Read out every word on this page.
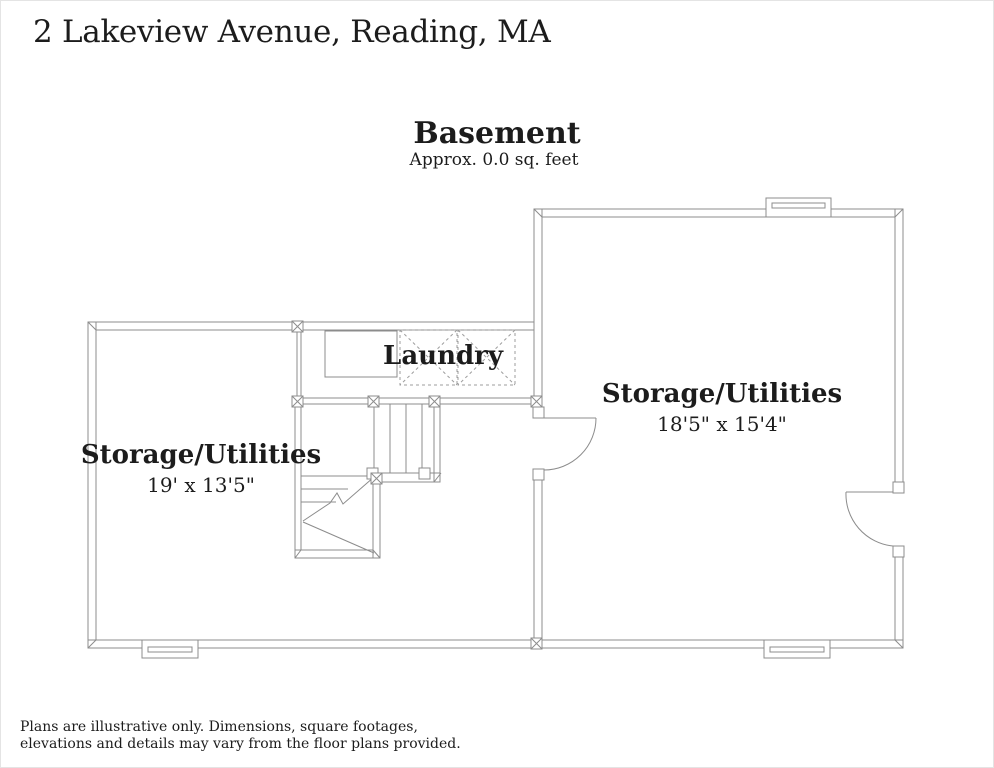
2 Lakeview Avenue, Reading, MA
Basement
Approx. 0.0 sq. feet
Laundry
Storage/Utilities
19' x 13'5"
Storage/Utilities
18'5" x 15'4"
Plans are illustrative only. Dimensions, square footages,
elevations and details may vary from the floor plans provided.
